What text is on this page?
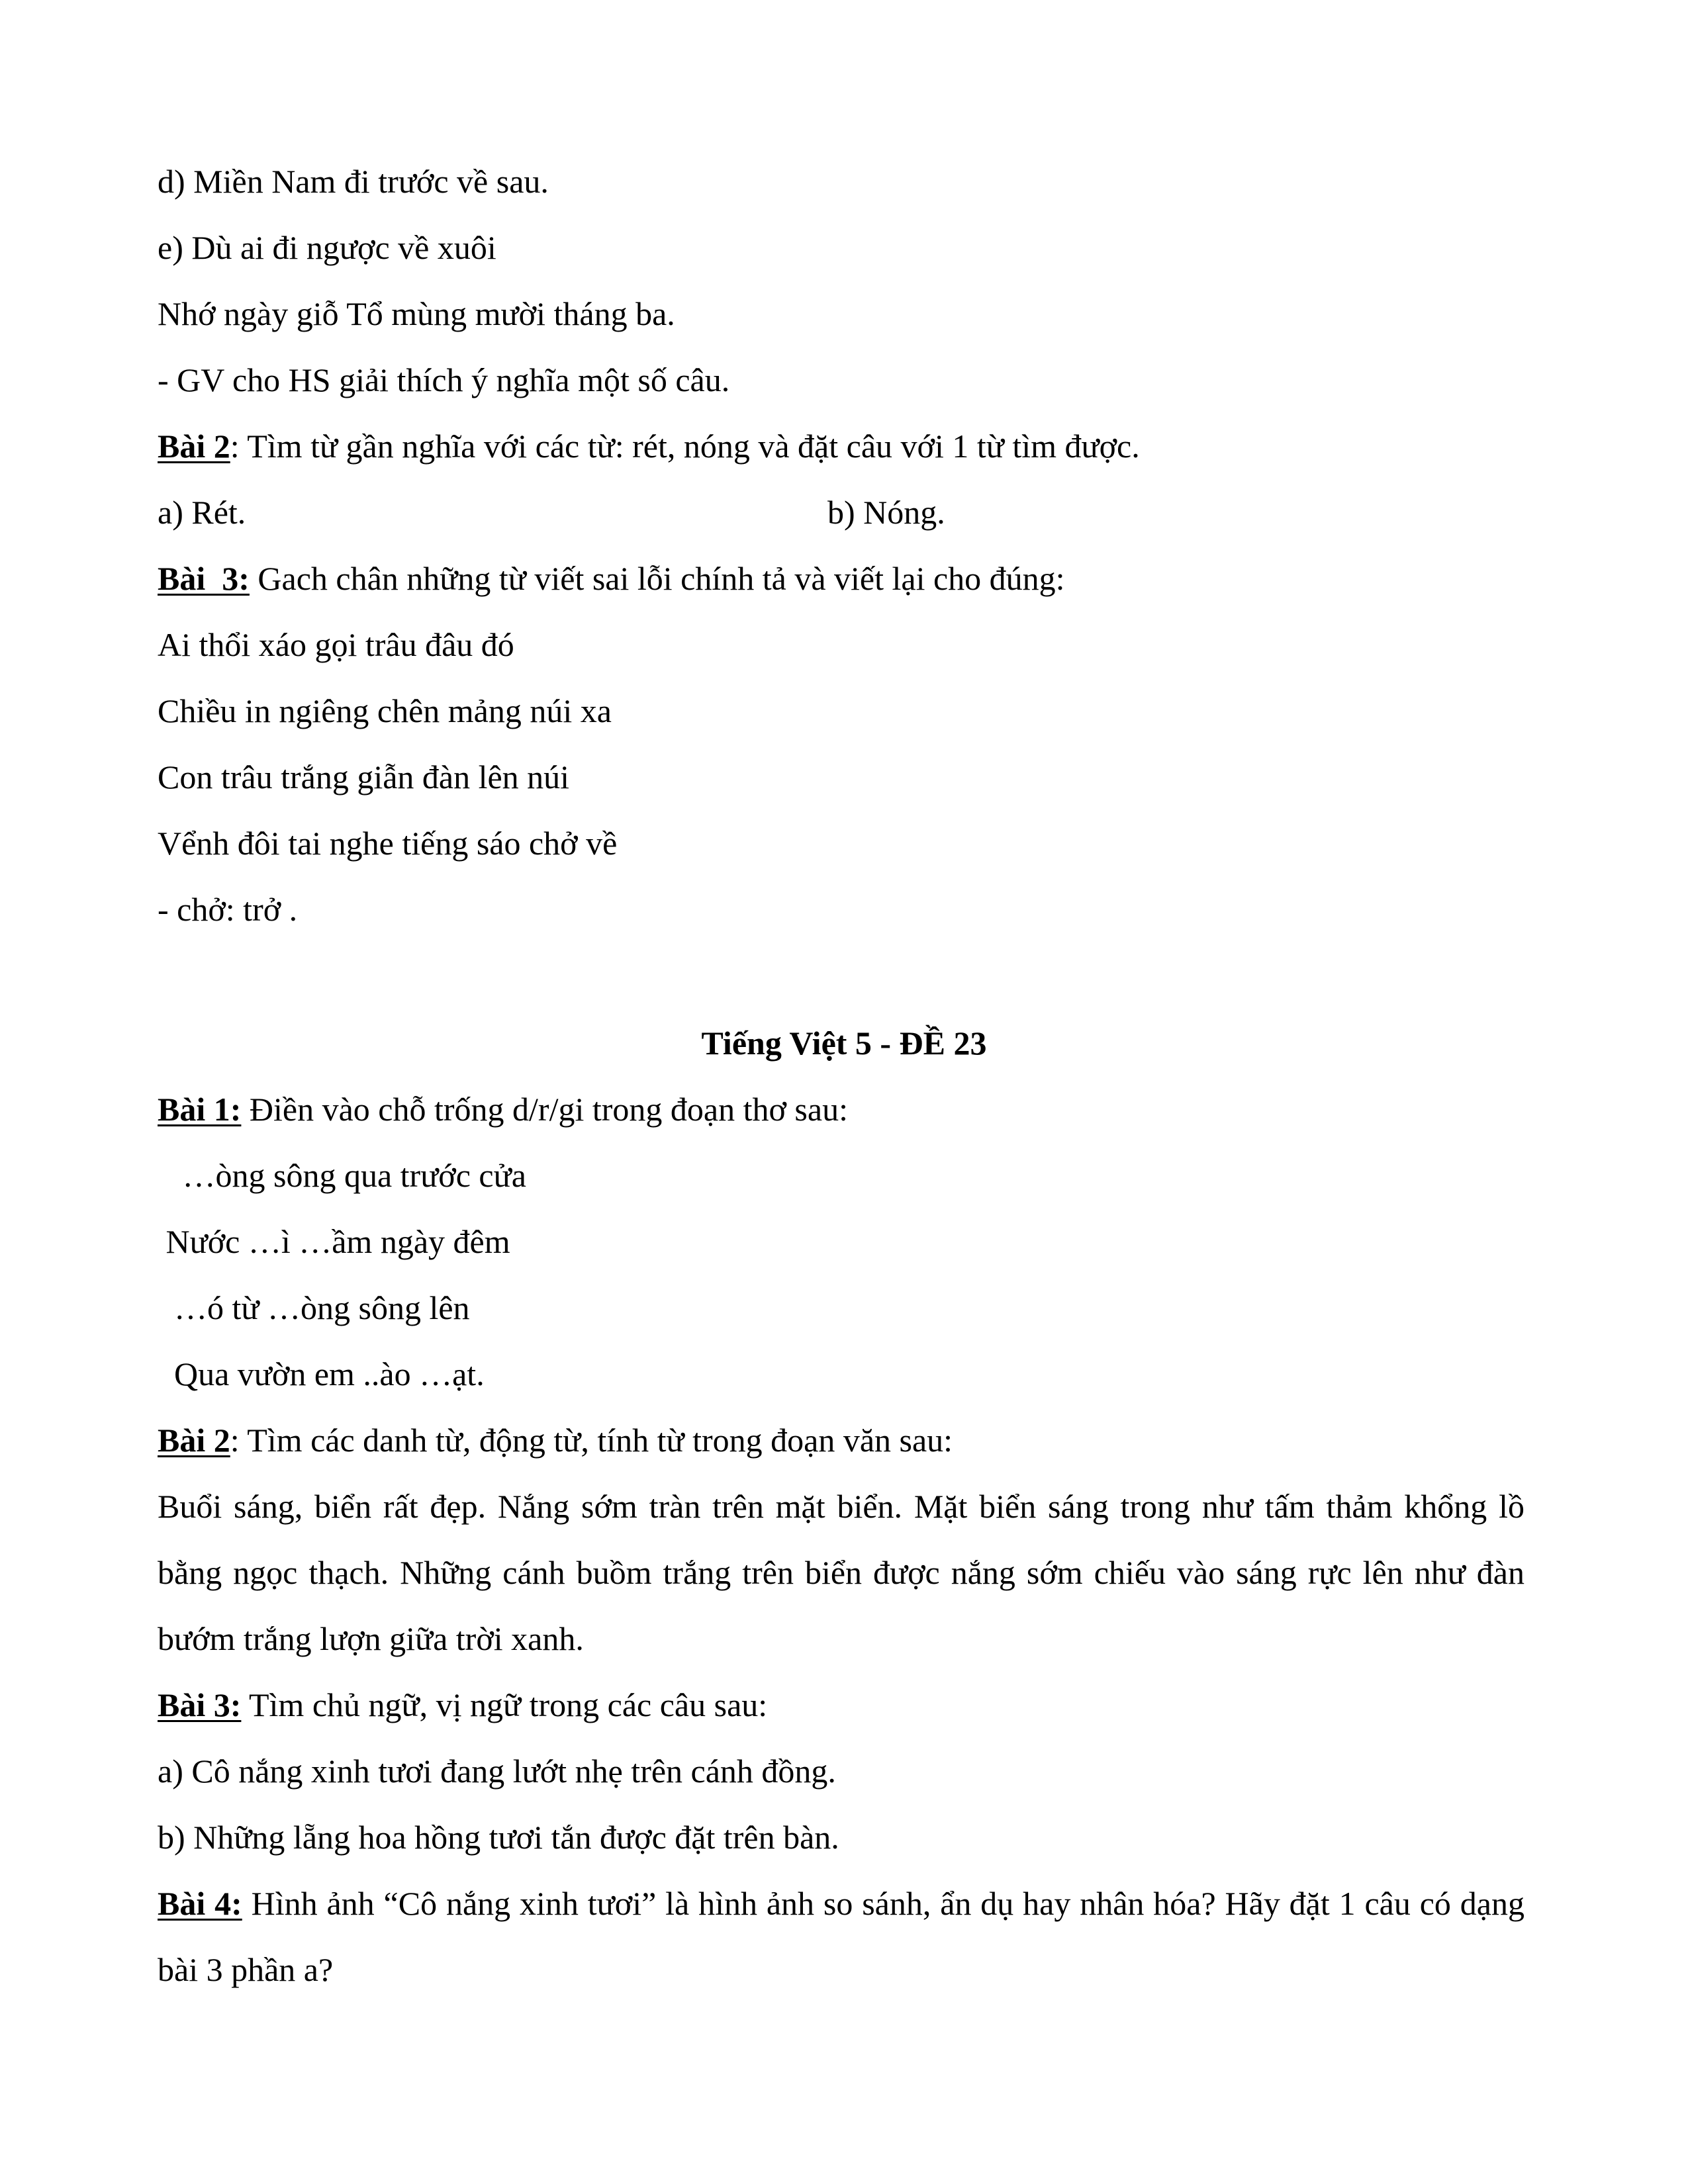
d) Miền Nam đi trước về sau.

e) Dù ai đi ngược về xuôi

Nhớ ngày giỗ Tổ mùng mười tháng ba.

- GV cho HS giải thích ý nghĩa một số câu.

Bài 2: Tìm từ gần nghĩa với các từ: rét, nóng và đặt câu với 1 từ tìm được.

a) Rét.	b) Nóng.

Bài  3: Gach chân những từ viết sai lỗi chính tả và viết lại cho đúng:

Ai thổi xáo gọi trâu đâu đó

Chiều in ngiêng chên mảng núi xa

Con trâu trắng giẫn đàn lên núi

Vểnh đôi tai nghe tiếng sáo chở về

- chở: trở .

Tiếng Việt 5 - ĐỀ 23

Bài 1: Điền vào chỗ trống d/r/gi trong đoạn thơ sau:

…òng sông qua trước cửa

Nước …ì …ầm ngày đêm

…ó từ …òng sông lên

Qua vườn em ..ào …ạt.

Bài 2: Tìm các danh từ, động từ, tính từ trong đoạn văn sau:

Buổi sáng, biển rất đẹp. Nắng sớm tràn trên mặt biển. Mặt biển sáng trong như tấm thảm khổng lồ bằng ngọc thạch. Những cánh buồm trắng trên biển được nắng sớm chiếu vào sáng rực lên như đàn bướm trắng lượn giữa trời xanh.

Bài 3: Tìm chủ ngữ, vị ngữ trong các câu sau:

a) Cô nắng xinh tươi đang lướt nhẹ trên cánh đồng.

b) Những lẵng hoa hồng tươi tắn được đặt trên bàn.

Bài 4: Hình ảnh “Cô nắng xinh tươi” là hình ảnh so sánh, ẩn dụ hay nhân hóa? Hãy đặt 1 câu có dạng bài 3 phần a?
